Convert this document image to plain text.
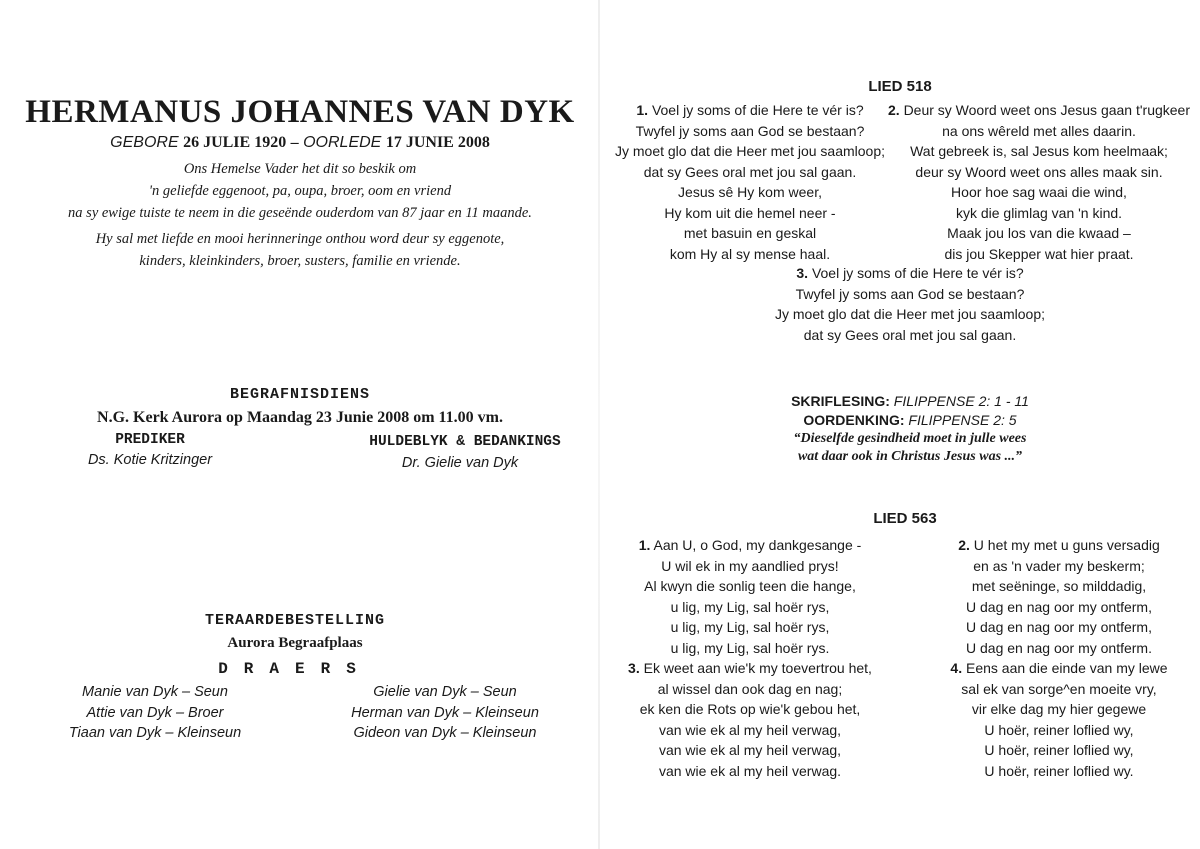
HERMANUS JOHANNES VAN DYK
GEBORE 26 JULIE 1920 – OORLEDE 17 JUNIE 2008
Ons Hemelse Vader het dit so beskik om
'n geliefde eggenoot, pa, oupa, broer, oom en vriend
na sy ewige tuiste te neem in die geseënde ouderdom van 87 jaar en 11 maande.
Hy sal met liefde en mooi herinneringe onthou word deur sy eggenote,
kinders, kleinkinders, broer, susters, familie en vriende.
BEGRAFNISDIENS
N.G. Kerk Aurora op Maandag 23 Junie 2008 om 11.00 vm.
PREDIKER
Ds. Kotie Kritzinger
HULDEBLYK & BEDANKINGS
Dr. Gielie van Dyk
TERAARDEBESTELLING
Aurora Begraafplaas
DRAERS
Manie van Dyk – Seun
Attie van Dyk – Broer
Tiaan van Dyk – Kleinseun
Gielie van Dyk – Seun
Herman van Dyk – Kleinseun
Gideon van Dyk – Kleinseun
LIED 518
1. Voel jy soms of die Here te vér is?
Twyfel jy soms aan God se bestaan?
Jy moet glo dat die Heer met jou saamloop;
dat sy Gees oral met jou sal gaan.
Jesus sê Hy kom weer,
Hy kom uit die hemel neer -
met basuin en geskal
kom Hy al sy mense haal.
2. Deur sy Woord weet ons Jesus gaan t'rugkeer
na ons wêreld met alles daarin.
Wat gebreek is, sal Jesus kom heelmaak;
deur sy Woord weet ons alles maak sin.
Hoor hoe sag waai die wind,
kyk die glimlag van 'n kind.
Maak jou los van die kwaad –
dis jou Skepper wat hier praat.
3. Voel jy soms of die Here te vér is?
Twyfel jy soms aan God se bestaan?
Jy moet glo dat die Heer met jou saamloop;
dat sy Gees oral met jou sal gaan.
SKRIFLESING: FILIPPENSE 2: 1 - 11
OORDENKING: FILIPPENSE 2: 5
“Dieselfde gesindheid moet in julle wees
wat daar ook in Christus Jesus was ...”
LIED 563
1. Aan U, o God, my dankgesange -
U wil ek in my aandlied prys!
Al kwyn die sonlig teen die hange,
u lig, my Lig, sal hoër rys,
u lig, my Lig, sal hoër rys,
u lig, my Lig, sal hoër rys.
2. U het my met u guns versadig
en as 'n vader my beskerm;
met seëninge, so milddadig,
U dag en nag oor my ontferm,
U dag en nag oor my ontferm,
U dag en nag oor my ontferm.
3. Ek weet aan wie'k my toevertrou het,
al wissel dan ook dag en nag;
ek ken die Rots op wie'k gebou het,
van wie ek al my heil verwag,
van wie ek al my heil verwag,
van wie ek al my heil verwag.
4. Eens aan die einde van my lewe
sal ek van sorge^en moeite vry,
vir elke dag my hier gegewe
U hoër, reiner loflied wy,
U hoër, reiner loflied wy,
U hoër, reiner loflied wy.
